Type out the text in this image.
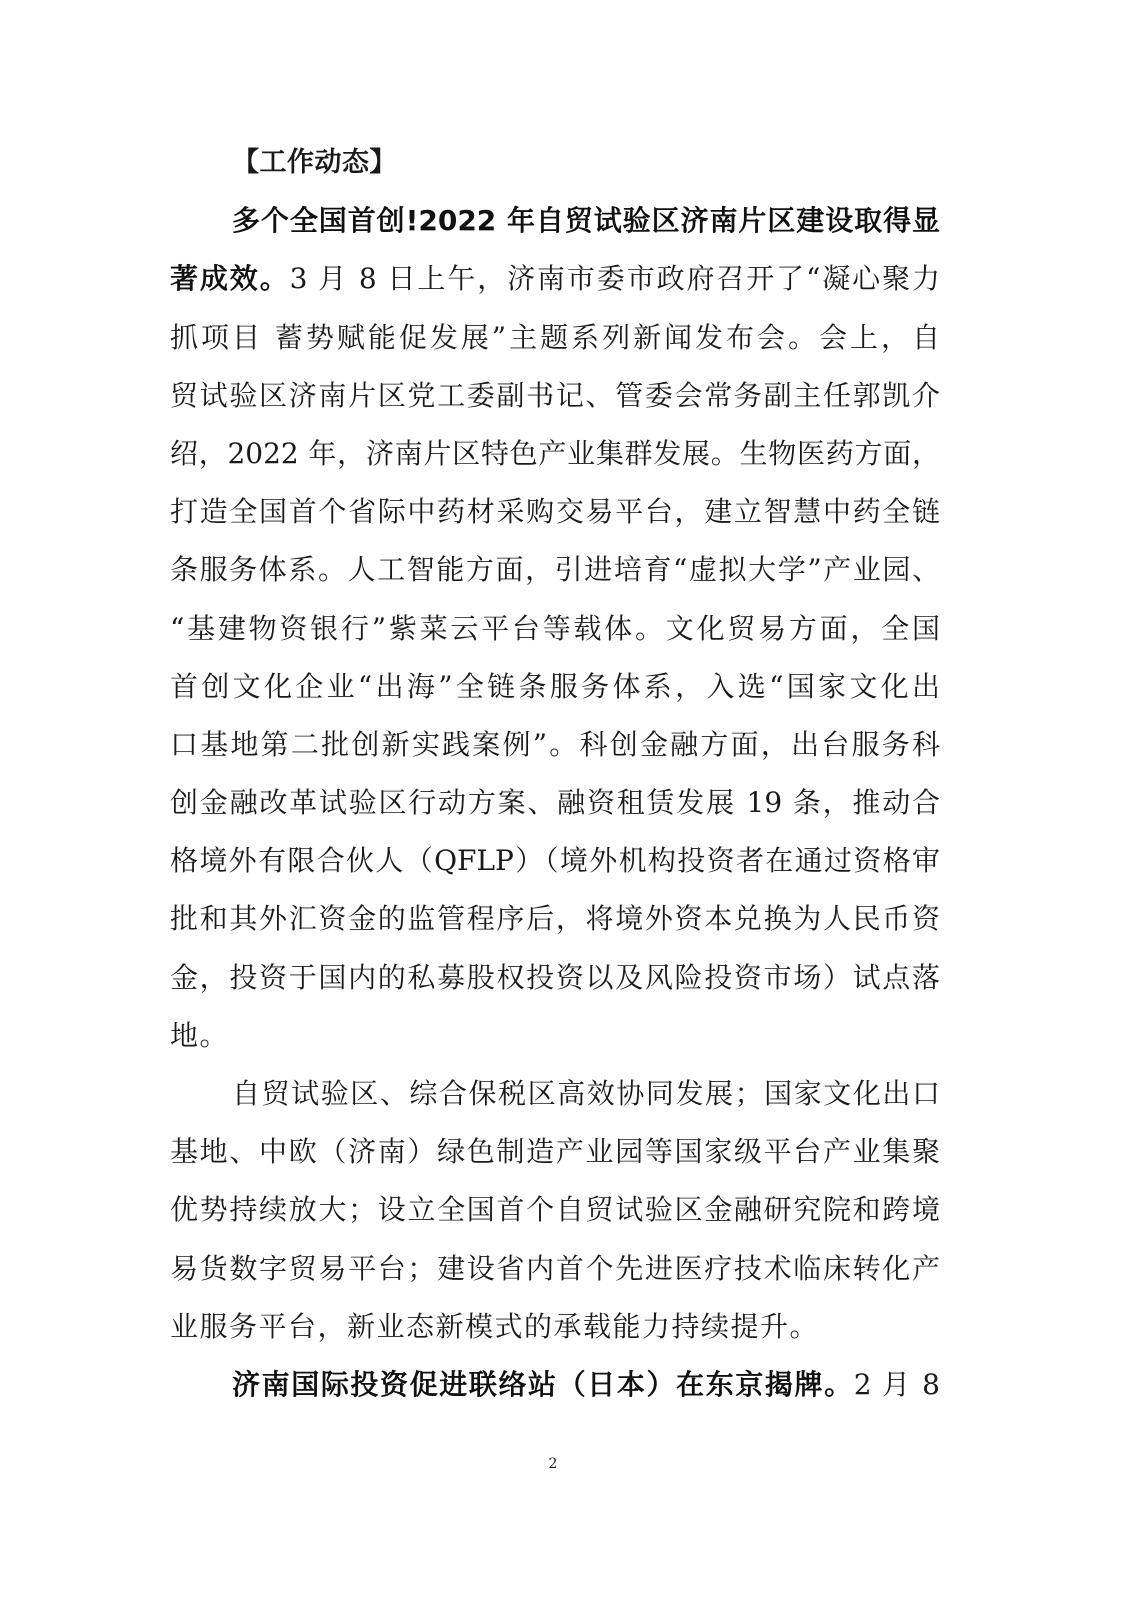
【工作动态】
多个全国首创!2022 年自贸试验区济南片区建设取得显
著成效。3 月 8 日上午，济南市委市政府召开了“凝心聚力
抓项目 蓄势赋能促发展”主题系列新闻发布会。会上，自
贸试验区济南片区党工委副书记、管委会常务副主任郭凯介
绍，2022 年，济南片区特色产业集群发展。生物医药方面，
打造全国首个省际中药材采购交易平台，建立智慧中药全链
条服务体系。人工智能方面，引进培育“虚拟大学”产业园、
“基建物资银行”紫菜云平台等载体。文化贸易方面，全国
首创文化企业“出海”全链条服务体系，入选“国家文化出
口基地第二批创新实践案例”。科创金融方面，出台服务科
创金融改革试验区行动方案、融资租赁发展 19 条，推动合
格境外有限合伙人（QFLP）（境外机构投资者在通过资格审
批和其外汇资金的监管程序后，将境外资本兑换为人民币资
金，投资于国内的私募股权投资以及风险投资市场）试点落
地。
自贸试验区、综合保税区高效协同发展；国家文化出口
基地、中欧（济南）绿色制造产业园等国家级平台产业集聚
优势持续放大；设立全国首个自贸试验区金融研究院和跨境
易货数字贸易平台；建设省内首个先进医疗技术临床转化产
业服务平台，新业态新模式的承载能力持续提升。
济南国际投资促进联络站（日本）在东京揭牌。2 月 8
2
